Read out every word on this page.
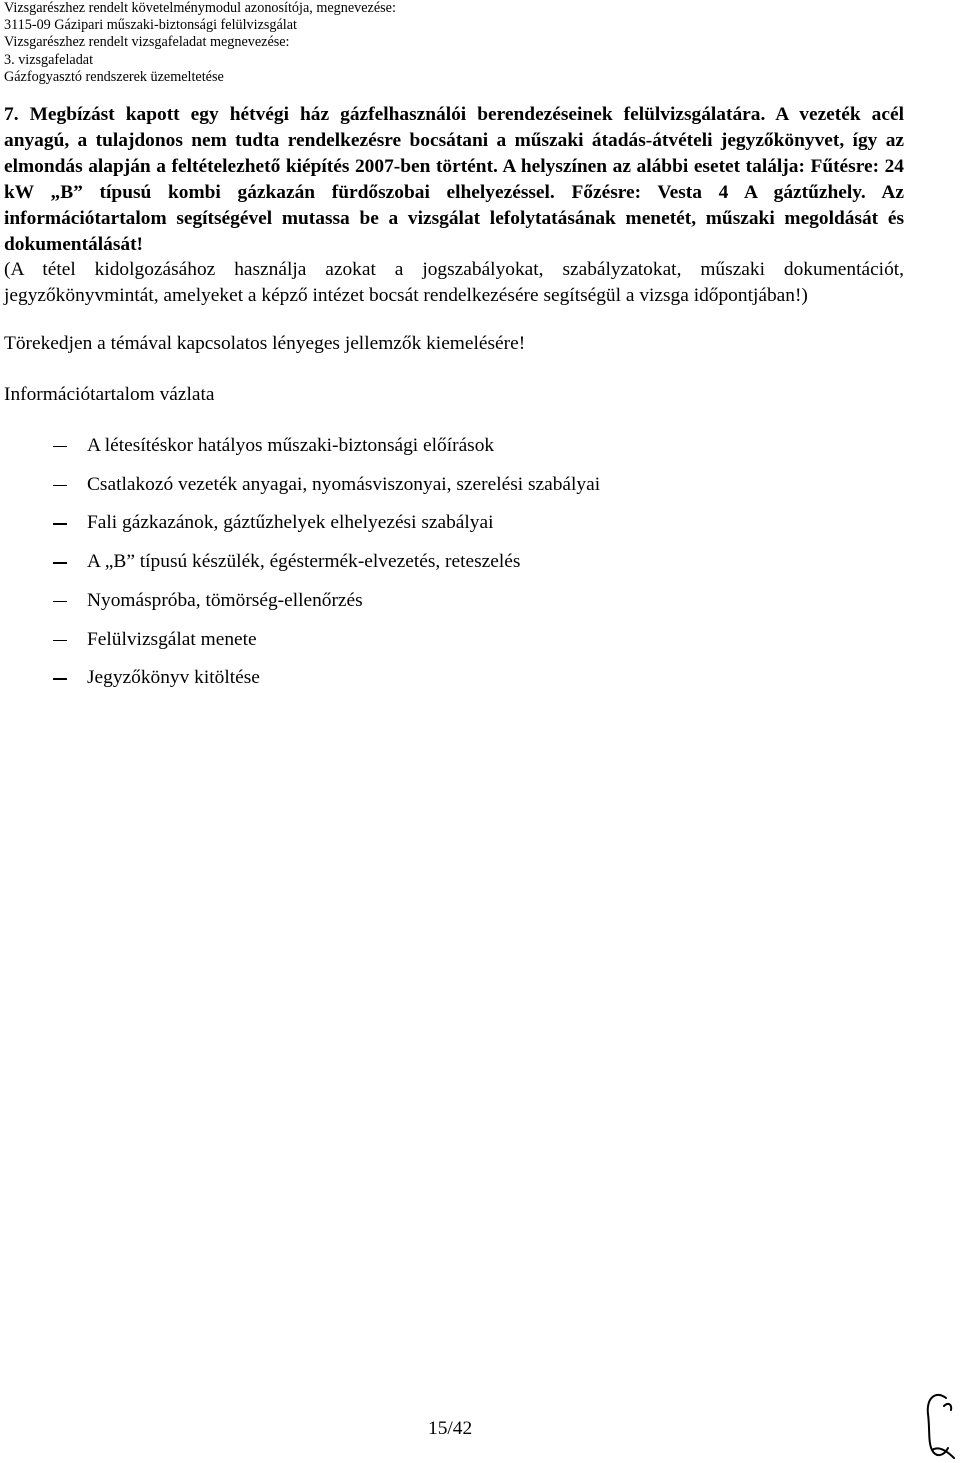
Vizsgarészhez rendelt követelménymodul azonosítója, megnevezése:
3115-09 Gázipari műszaki-biztonsági felülvizsgálat
Vizsgarészhez rendelt vizsgafeladat megnevezése:
3. vizsgafeladat
Gázfogyasztó rendszerek üzemeltetése

7. Megbízást kapott egy hétvégi ház gázfelhasználói berendezéseinek felülvizsgálatára. A vezeték acél anyagú, a tulajdonos nem tudta rendelkezésre bocsátani a műszaki átadás-átvételi jegyzőkönyvet, így az elmondás alapján a feltételezhető kiépítés 2007-ben történt. A helyszínen az alábbi esetet találja: Fűtésre: 24 kW „B” típusú kombi gázkazán fürdőszobai elhelyezéssel. Főzésre: Vesta 4 A gáztűzhely. Az információtartalom segítségével mutassa be a vizsgálat lefolytatásának menetét, műszaki megoldását és dokumentálását!

(A tétel kidolgozásához használja azokat a jogszabályokat, szabályzatokat, műszaki dokumentációt, jegyzőkönyvmintát, amelyeket a képző intézet bocsát rendelkezésére segítségül a vizsga időpontjában!)

Törekedjen a témával kapcsolatos lényeges jellemzők kiemelésére!

Információtartalom vázlata

A létesítéskor hatályos műszaki-biztonsági előírások
Csatlakozó vezeték anyagai, nyomásviszonyai, szerelési szabályai
Fali gázkazánok, gáztűzhelyek elhelyezési szabályai
A „B” típusú készülék, égéstermék-elvezetés, reteszelés
Nyomáspróba, tömörség-ellenőrzés
Felülvizsgálat menete
Jegyzőkönyv kitöltése
15/42
